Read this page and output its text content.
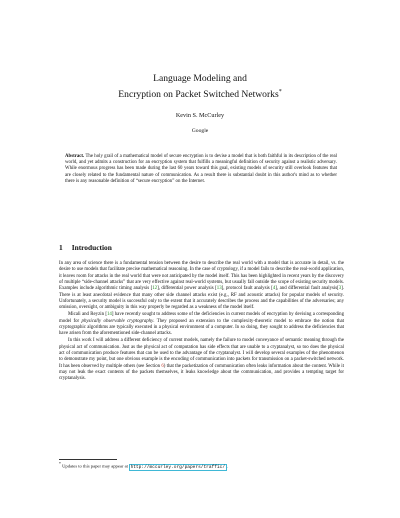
Language Modeling and
Encryption on Packet Switched Networks*
Kevin S. McCurley
Google
Abstract. The holy grail of a mathematical model of secure encryption is to devise a model that is both faithful in its description of the real world, and yet admits a construction for an encryption system that fulfills a meaningful definition of security against a realistic adversary. While enormous progress has been made during the last 60 years toward this goal, existing models of security still overlook features that are closely related to the fundamental nature of communication. As a result there is substantial doubt in this author's mind as to whether there is any reasonable definition of “secure encryption” on the Internet.
1 Introduction

In any area of science there is a fundamental tension between the desire to describe the real world with a model that is accurate in detail, vs. the desire to use models that facilitate precise mathematical reasoning. In the case of cryptology, if a model fails to describe the real-world application, it leaves room for attacks in the real world that were not anticipated by the model itself. This has been highlighted in recent years by the discovery of multiple “side-channel attacks” that are very effective against real-world systems, but usually fall outside the scope of existing security models. Examples include algorithmic timing analysis [12], differential power analysis [13], protocol fault analysis [4], and differential fault analysis[3]. There is at least anecdotal evidence that many other side channel attacks exist (e.g., RF and acoustic attacks) for popular models of security. Unfortunately, a security model is successful only to the extent that it accurately describes the process and the capabilities of the adversaries; any omission, oversight, or ambiguity in this way properly be regarded as a weakness of the model itself.

Micali and Reyzin [14] have recently sought to address some of the deficiencies in current models of encryption by devising a corresponding model for physically observable cryptography. They proposed an extension to the complexity-theoretic model to embrace the notion that cryptographic algorithms are typically executed in a physical environment of a computer. In so doing, they sought to address the deficiencies that have arisen from the aforementioned side-channel attacks.

In this work I will address a different deficiency of current models, namely the failure to model conveyance of semantic meaning through the physical act of communication. Just as the physical act of computation has side effects that are unable to a cryptanalyst, so too does the physical act of communication produce features that can be used to the advantage of the cryptanalyst. I will develop several examples of the phenomenon to demonstrate my point, but one obvious example is the encoding of communication into packets for transmission on a packet-switched network. It has been observed by multiple others (see Section 6) that the packetization of communication often leaks information about the content. While it may not leak the exact contents of the packets themselves, it leaks knowledge about the communication, and provides a tempting target for cryptanalysis.

* Updates to this paper may appear at http://mccurley.org/papers/traffic/ .
